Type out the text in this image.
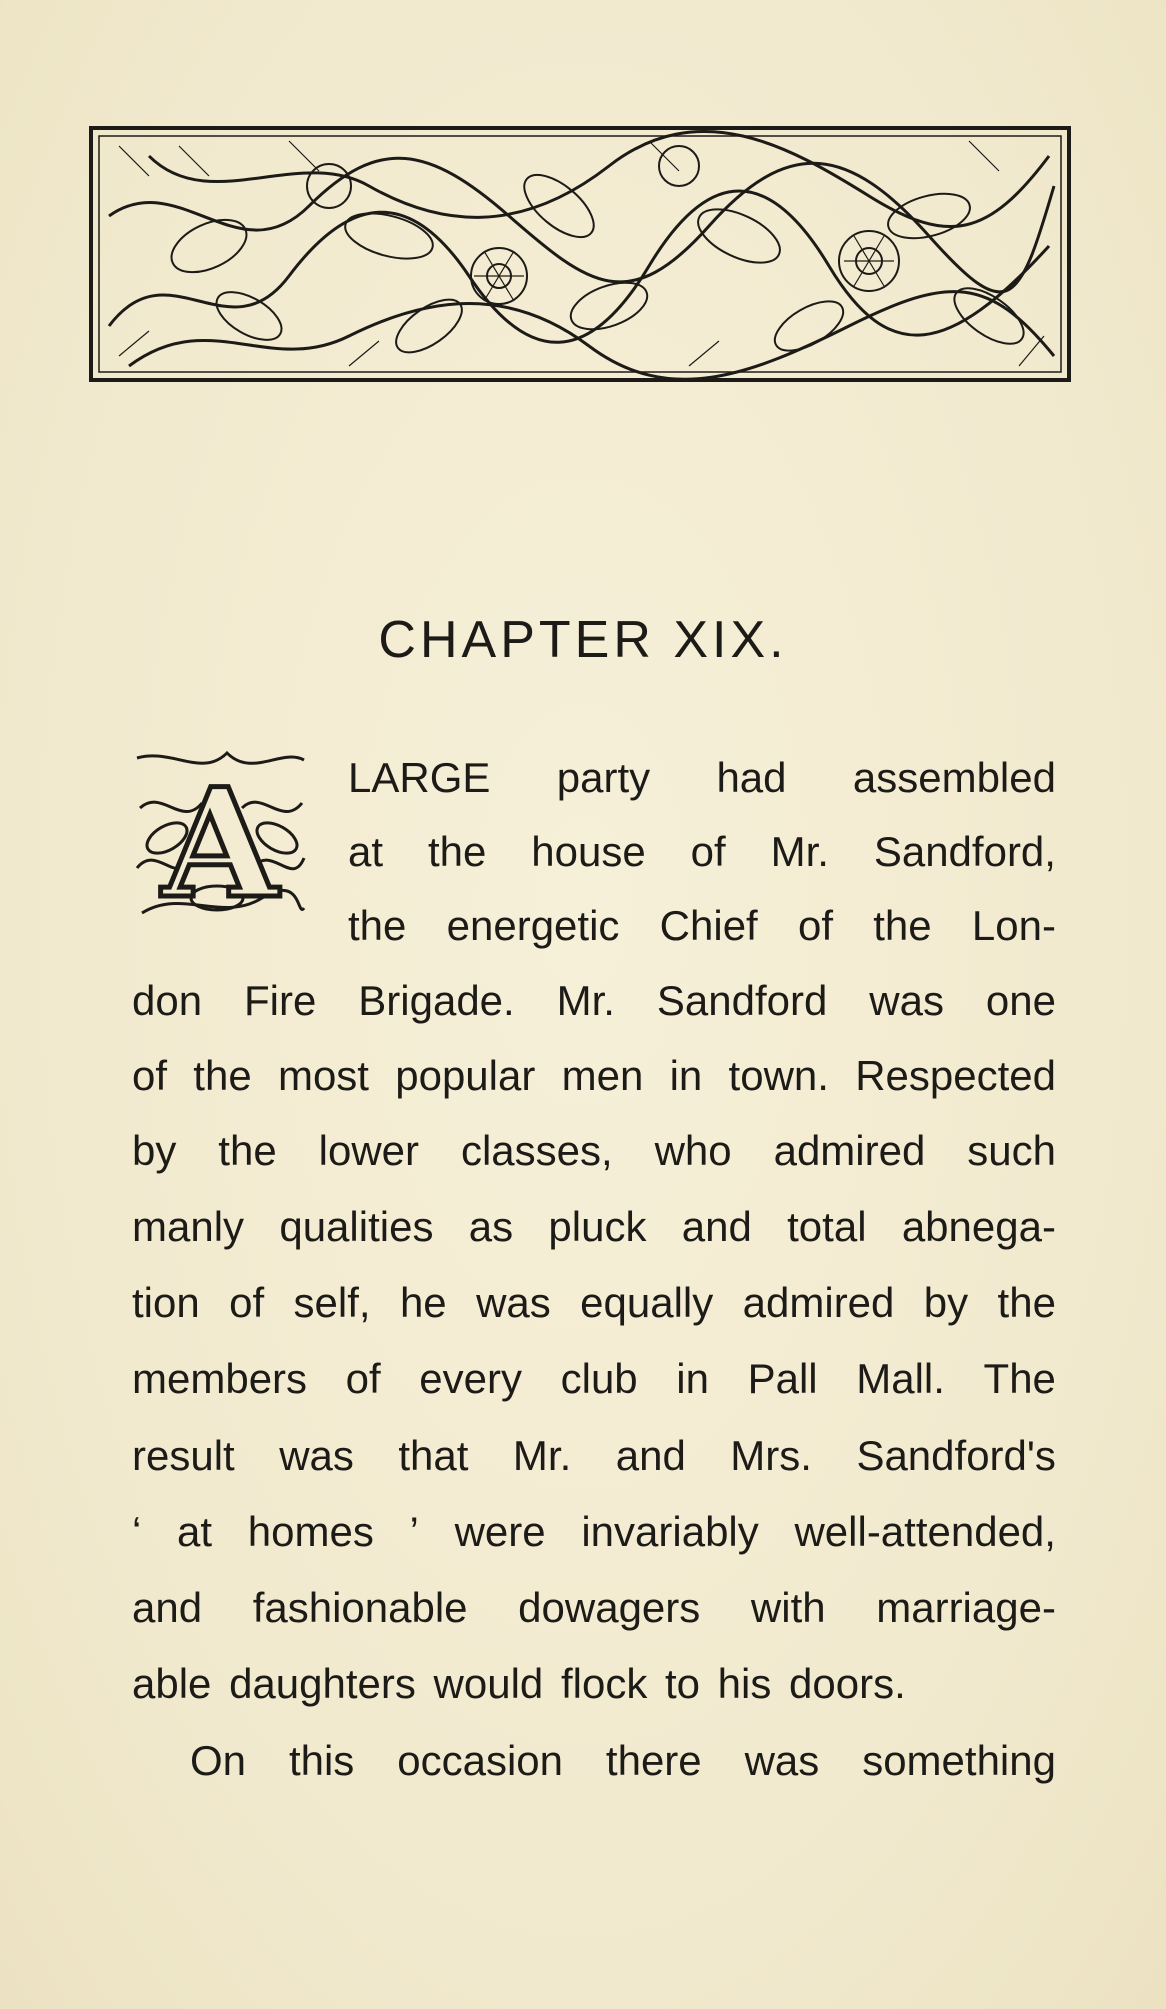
CHAPTER XIX.
A LARGE party had assembled
at the house of Mr. Sandford,
the energetic Chief of the Lon-
don Fire Brigade. Mr. Sandford was one
of the most popular men in town. Respected
by the lower classes, who admired such
manly qualities as pluck and total abnega-
tion of self, he was equally admired by the
members of every club in Pall Mall. The
result was that Mr. and Mrs. Sandford's
‘ at homes ’ were invariably well-attended,
and fashionable dowagers with marriage-
able daughters would flock to his doors.
On this occasion there was something
